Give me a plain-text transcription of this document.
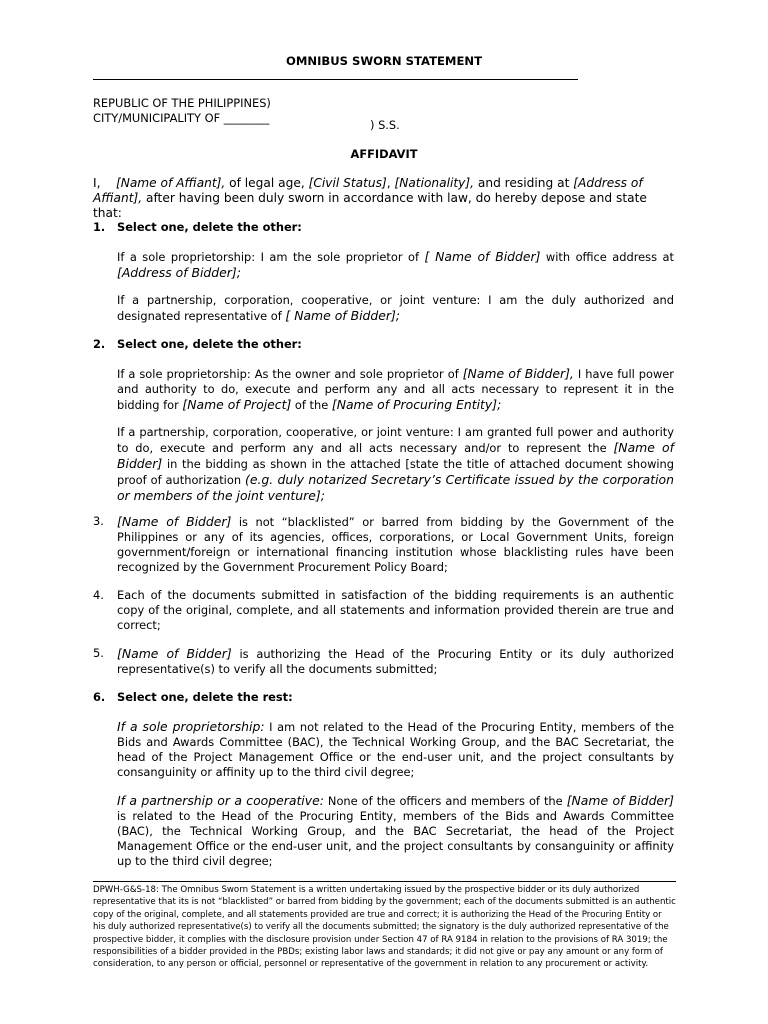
OMNIBUS SWORN STATEMENT
REPUBLIC OF THE PHILIPPINES)
CITY/MUNICIPALITY OF ________	) S.S.
AFFIDAVIT
I, [Name of Affiant], of legal age, [Civil Status], [Nationality], and residing at [Address of Affiant], after having been duly sworn in accordance with law, do hereby depose and state that:
1.	Select one, delete the other:
If a sole proprietorship: I am the sole proprietor of [ Name of Bidder] with office address at [Address of Bidder];
If a partnership, corporation, cooperative, or joint venture: I am the duly authorized and designated representative of [ Name of Bidder];
2.	Select one, delete the other:
If a sole proprietorship: As the owner and sole proprietor of [Name of Bidder], I have full power and authority to do, execute and perform any and all acts necessary to represent it in the bidding for [Name of Project] of the [Name of Procuring Entity];
If a partnership, corporation, cooperative, or joint venture: I am granted full power and authority to do, execute and perform any and all acts necessary and/or to represent the [Name of Bidder] in the bidding as shown in the attached [state the title of attached document showing proof of authorization (e.g. duly notarized Secretary’s Certificate issued by the corporation or members of the joint venture];
3.	[Name of Bidder] is not “blacklisted” or barred from bidding by the Government of the Philippines or any of its agencies, offices, corporations, or Local Government Units, foreign government/foreign or international financing institution whose blacklisting rules have been recognized by the Government Procurement Policy Board;
4.	Each of the documents submitted in satisfaction of the bidding requirements is an authentic copy of the original, complete, and all statements and information provided therein are true and correct;
5.	[Name of Bidder] is authorizing the Head of the Procuring Entity or its duly authorized representative(s) to verify all the documents submitted;
6.	Select one, delete the rest:
If a sole proprietorship: I am not related to the Head of the Procuring Entity, members of the Bids and Awards Committee (BAC), the Technical Working Group, and the BAC Secretariat, the head of the Project Management Office or the end-user unit, and the project consultants by consanguinity or affinity up to the third civil degree;
If a partnership or a cooperative: None of the officers and members of the [Name of Bidder] is related to the Head of the Procuring Entity, members of the Bids and Awards Committee (BAC), the Technical Working Group, and the BAC Secretariat, the head of the Project Management Office or the end-user unit, and the project consultants by consanguinity or affinity up to the third civil degree;
DPWH-G&S-18: The Omnibus Sworn Statement is a written undertaking issued by the prospective bidder or its duly authorized representative that its is not “blacklisted” or barred from bidding by the government; each of the documents submitted is an authentic copy of the original, complete, and all statements provided are true and correct; it is authorizing the Head of the Procuring Entity or his duly authorized representative(s) to verify all the documents submitted; the signatory is the duly authorized representative of the prospective bidder, it complies with the disclosure provision under Section 47 of RA 9184 in relation to the provisions of RA 3019; the responsibilities of a bidder provided in the PBDs; existing labor laws and standards; it did not give or pay any amount or any form of consideration, to any person or official, personnel or representative of the government in relation to any procurement or activity.
